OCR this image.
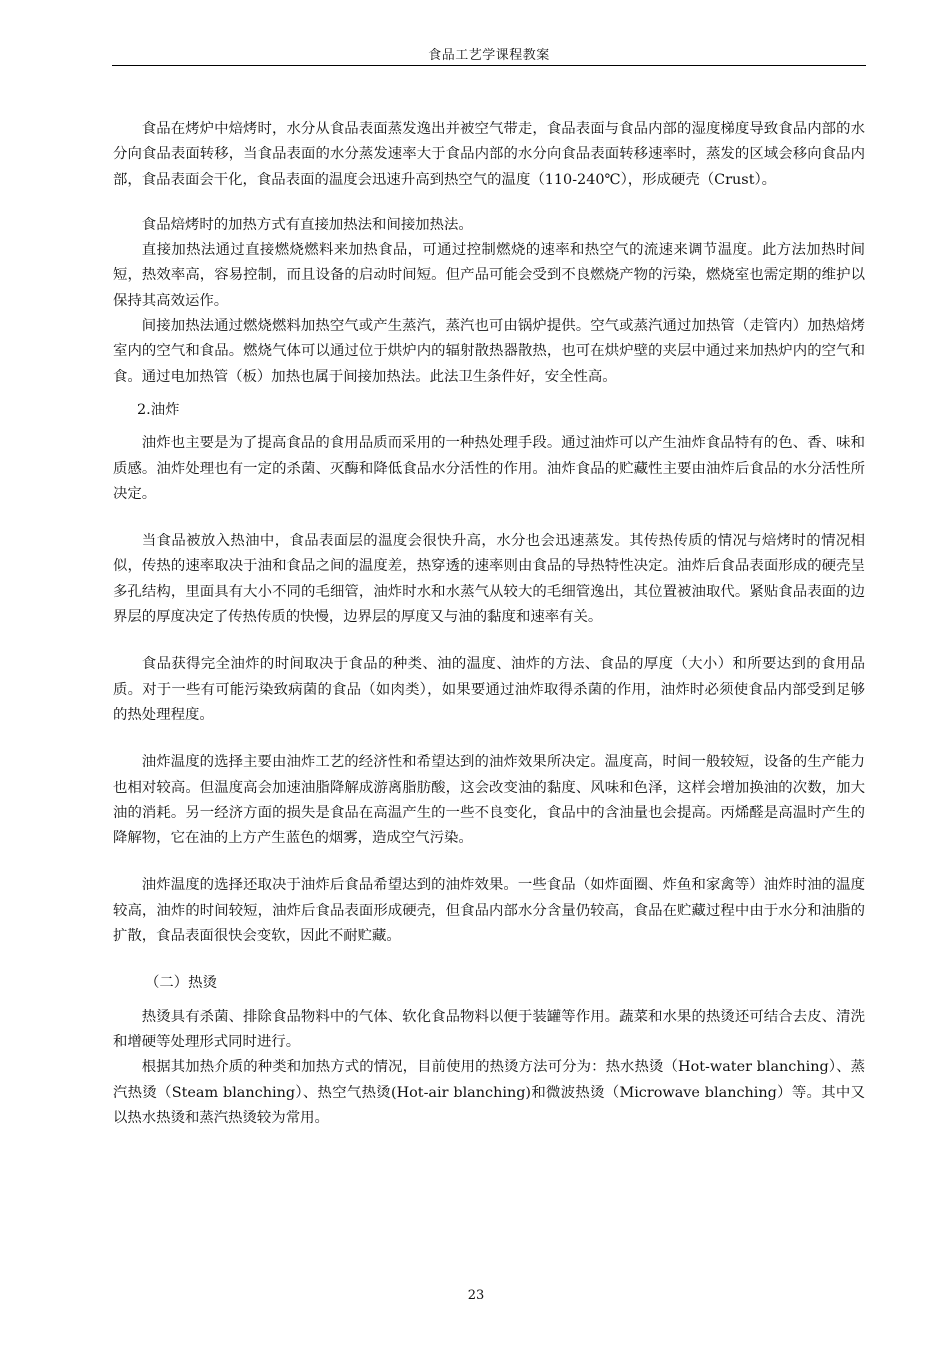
食品工艺学课程教案

食品在烤炉中焙烤时，水分从食品表面蒸发逸出并被空气带走，食品表面与食品内部的湿度梯度导致食品内部的水分向食品表面转移，当食品表面的水分蒸发速率大于食品内部的水分向食品表面转移速率时，蒸发的区域会移向食品内部，食品表面会干化，食品表面的温度会迅速升高到热空气的温度（110-240℃），形成硬壳（Crust）。

食品焙烤时的加热方式有直接加热法和间接加热法。

直接加热法通过直接燃烧燃料来加热食品，可通过控制燃烧的速率和热空气的流速来调节温度。此方法加热时间短，热效率高，容易控制，而且设备的启动时间短。但产品可能会受到不良燃烧产物的污染，燃烧室也需定期的维护以保持其高效运作。

间接加热法通过燃烧燃料加热空气或产生蒸汽，蒸汽也可由锅炉提供。空气或蒸汽通过加热管（走管内）加热焙烤室内的空气和食品。燃烧气体可以通过位于烘炉内的辐射散热器散热，也可在烘炉壁的夹层中通过来加热炉内的空气和食。通过电加热管（板）加热也属于间接加热法。此法卫生条件好，安全性高。

2.油炸

油炸也主要是为了提高食品的食用品质而采用的一种热处理手段。通过油炸可以产生油炸食品特有的色、香、味和质感。油炸处理也有一定的杀菌、灭酶和降低食品水分活性的作用。油炸食品的贮藏性主要由油炸后食品的水分活性所决定。

当食品被放入热油中，食品表面层的温度会很快升高，水分也会迅速蒸发。其传热传质的情况与焙烤时的情况相似，传热的速率取决于油和食品之间的温度差，热穿透的速率则由食品的导热特性决定。油炸后食品表面形成的硬壳呈多孔结构，里面具有大小不同的毛细管，油炸时水和水蒸气从较大的毛细管逸出，其位置被油取代。紧贴食品表面的边界层的厚度决定了传热传质的快慢，边界层的厚度又与油的黏度和速率有关。

食品获得完全油炸的时间取决于食品的种类、油的温度、油炸的方法、食品的厚度（大小）和所要达到的食用品质。对于一些有可能污染致病菌的食品（如肉类），如果要通过油炸取得杀菌的作用，油炸时必须使食品内部受到足够的热处理程度。

油炸温度的选择主要由油炸工艺的经济性和希望达到的油炸效果所决定。温度高，时间一般较短，设备的生产能力也相对较高。但温度高会加速油脂降解成游离脂肪酸，这会改变油的黏度、风味和色泽，这样会增加换油的次数，加大油的消耗。另一经济方面的损失是食品在高温产生的一些不良变化，食品中的含油量也会提高。丙烯醛是高温时产生的降解物，它在油的上方产生蓝色的烟雾，造成空气污染。

油炸温度的选择还取决于油炸后食品希望达到的油炸效果。一些食品（如炸面圈、炸鱼和家禽等）油炸时油的温度较高，油炸的时间较短，油炸后食品表面形成硬壳，但食品内部水分含量仍较高，食品在贮藏过程中由于水分和油脂的扩散，食品表面很快会变软，因此不耐贮藏。

（二）热烫

热烫具有杀菌、排除食品物料中的气体、软化食品物料以便于装罐等作用。蔬菜和水果的热烫还可结合去皮、清洗和增硬等处理形式同时进行。

根据其加热介质的种类和加热方式的情况，目前使用的热烫方法可分为：热水热烫（Hot-water blanching）、蒸汽热烫（Steam blanching）、热空气热烫(Hot-air blanching)和微波热烫（Microwave blanching）等。其中又以热水热烫和蒸汽热烫较为常用。

23
